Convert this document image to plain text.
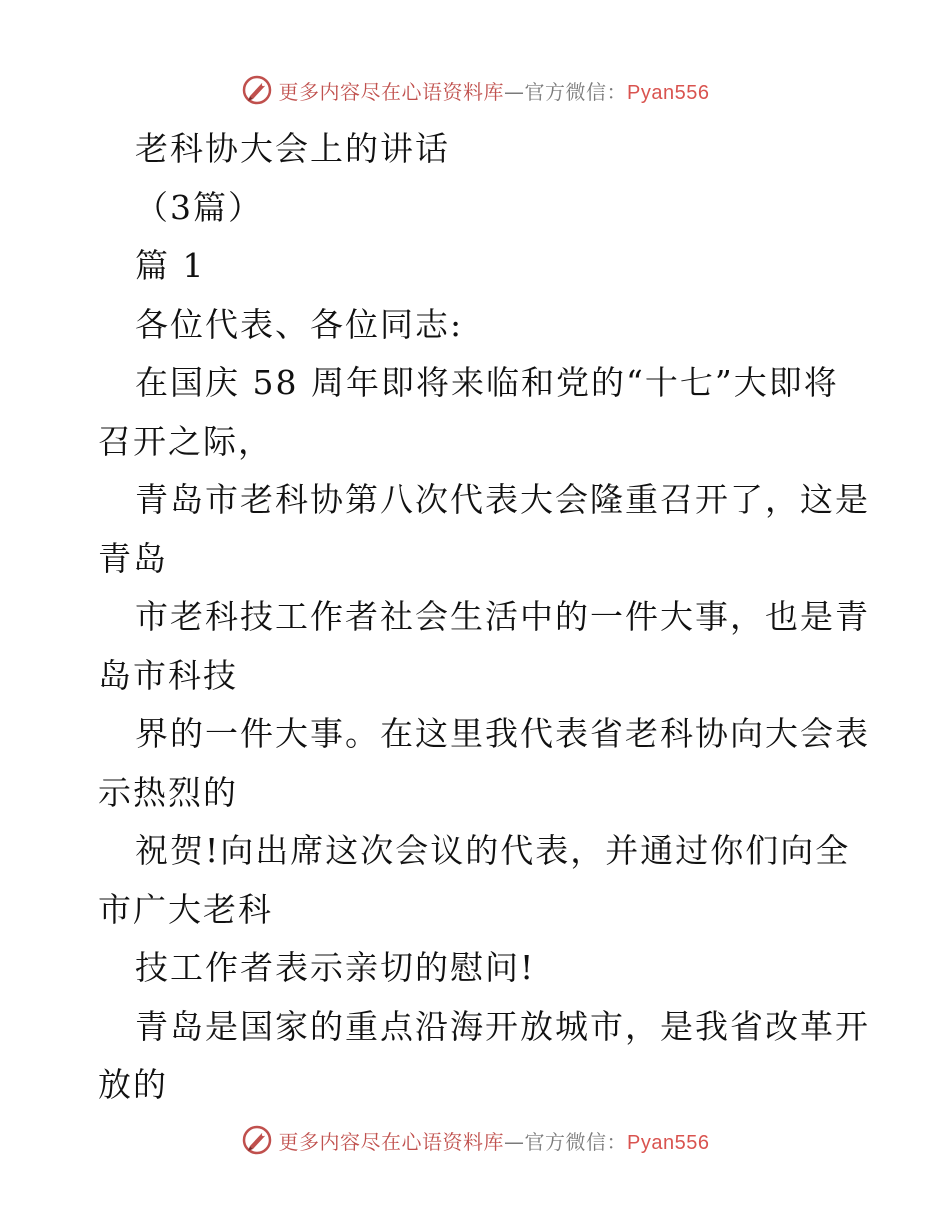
更多内容尽在心语资料库—官方微信：Pyan556
老科协大会上的讲话
（3篇）
篇 1
各位代表、各位同志:
在国庆 58 周年即将来临和党的“十七”大即将
召开之际，
青岛市老科协第八次代表大会隆重召开了，这是
青岛
市老科技工作者社会生活中的一件大事，也是青
岛市科技
界的一件大事。在这里我代表省老科协向大会表
示热烈的
祝贺!向出席这次会议的代表，并通过你们向全
市广大老科
技工作者表示亲切的慰问!
青岛是国家的重点沿海开放城市，是我省改革开
放的
更多内容尽在心语资料库—官方微信：Pyan556
